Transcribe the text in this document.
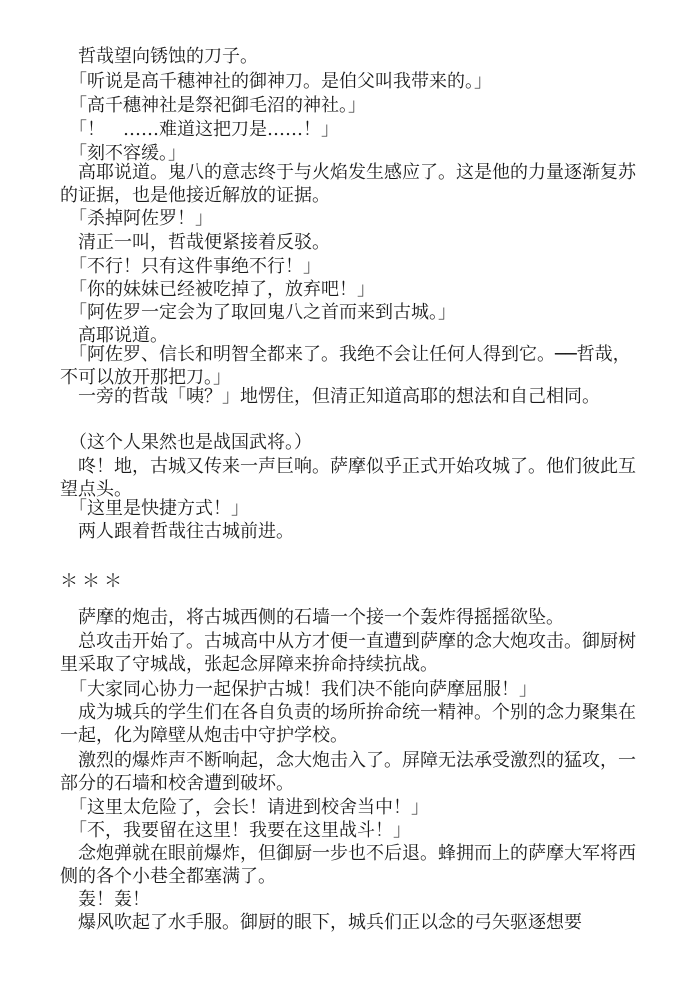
　哲哉望向锈蚀的刀子。

　「听说是高千穗神社的御神刀。是伯父叫我带来的。」

　「高千穗神社是祭祀御毛沼的神社。」

　「！　……难道这把刀是……！」

　「刻不容缓。」

　高耶说道。鬼八的意志终于与火焰发生感应了。这是他的力量逐渐复苏的证据，也是他接近解放的证据。

　「杀掉阿佐罗！」

　清正一叫，哲哉便紧接着反驳。

　「不行！只有这件事绝不行！」

　「你的妹妹已经被吃掉了，放弃吧！」

　「阿佐罗一定会为了取回鬼八之首而来到古城。」

　高耶说道。

　「阿佐罗、信长和明智全都来了。我绝不会让任何人得到它。──哲哉，不可以放开那把刀。」

　一旁的哲哉「咦？」地愣住，但清正知道高耶的想法和自己相同。

　（这个人果然也是战国武将。）

　咚！地，古城又传来一声巨响。萨摩似乎正式开始攻城了。他们彼此互望点头。

　「这里是快捷方式！」

　两人跟着哲哉往古城前进。

＊＊＊

　萨摩的炮击，将古城西侧的石墙一个接一个轰炸得摇摇欲坠。

　总攻击开始了。古城高中从方才便一直遭到萨摩的念大炮攻击。御厨树里采取了守城战，张起念屏障来拚命持续抗战。

　「大家同心协力一起保护古城！我们决不能向萨摩屈服！」

　成为城兵的学生们在各自负责的场所拚命统一精神。个别的念力聚集在一起，化为障壁从炮击中守护学校。

　激烈的爆炸声不断响起，念大炮击入了。屏障无法承受激烈的猛攻，一部分的石墙和校舍遭到破坏。

　「这里太危险了，会长！请进到校舍当中！」

　「不，我要留在这里！我要在这里战斗！」

　念炮弹就在眼前爆炸，但御厨一步也不后退。蜂拥而上的萨摩大军将西侧的各个小巷全都塞满了。

　轰！轰！

　爆风吹起了水手服。御厨的眼下，城兵们正以念的弓矢驱逐想要
